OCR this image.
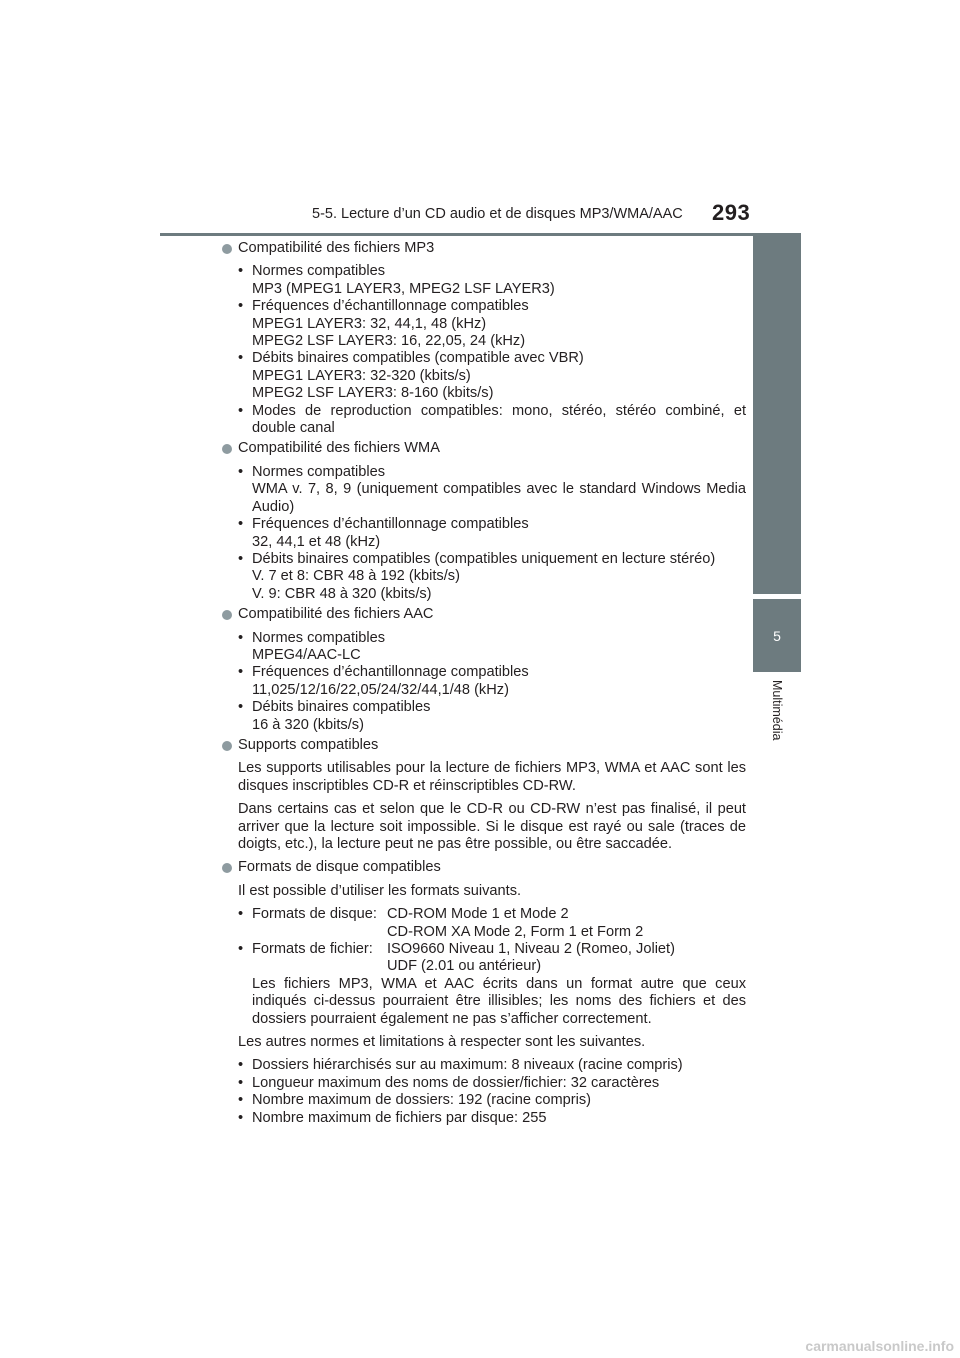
5-5. Lecture d’un CD audio et de disques MP3/WMA/AAC 293
5
Multimédia
Compatibilité des fichiers MP3
• Normes compatibles
MP3 (MPEG1 LAYER3, MPEG2 LSF LAYER3)
• Fréquences d’échantillonnage compatibles
MPEG1 LAYER3: 32, 44,1, 48 (kHz)
MPEG2 LSF LAYER3: 16, 22,05, 24 (kHz)
• Débits binaires compatibles (compatible avec VBR)
MPEG1 LAYER3: 32-320 (kbits/s)
MPEG2 LSF LAYER3: 8-160 (kbits/s)
• Modes de reproduction compatibles: mono, stéréo, stéréo combiné, et double canal
Compatibilité des fichiers WMA
• Normes compatibles
WMA v. 7, 8, 9 (uniquement compatibles avec le standard Windows Media Audio)
• Fréquences d’échantillonnage compatibles
32, 44,1 et 48 (kHz)
• Débits binaires compatibles (compatibles uniquement en lecture stéréo)
V. 7 et 8: CBR 48 à 192 (kbits/s)
V. 9: CBR 48 à 320 (kbits/s)
Compatibilité des fichiers AAC
• Normes compatibles
MPEG4/AAC-LC
• Fréquences d’échantillonnage compatibles
11,025/12/16/22,05/24/32/44,1/48 (kHz)
• Débits binaires compatibles
16 à 320 (kbits/s)
Supports compatibles

Les supports utilisables pour la lecture de fichiers MP3, WMA et AAC sont les disques inscriptibles CD-R et réinscriptibles CD-RW.

Dans certains cas et selon que le CD-R ou CD-RW n’est pas finalisé, il peut arriver que la lecture soit impossible. Si le disque est rayé ou sale (traces de doigts, etc.), la lecture peut ne pas être possible, ou être saccadée.

Formats de disque compatibles

Il est possible d’utiliser les formats suivants.

• Formats de disque: CD-ROM Mode 1 et Mode 2
CD-ROM XA Mode 2, Form 1 et Form 2
• Formats de fichier: ISO9660 Niveau 1, Niveau 2 (Romeo, Joliet)
UDF (2.01 ou antérieur)
Les fichiers MP3, WMA et AAC écrits dans un format autre que ceux indiqués ci-dessus pourraient être illisibles; les noms des fichiers et des dossiers pourraient également ne pas s’afficher correctement.

Les autres normes et limitations à respecter sont les suivantes.

• Dossiers hiérarchisés sur au maximum: 8 niveaux (racine compris)
• Longueur maximum des noms de dossier/fichier: 32 caractères
• Nombre maximum de dossiers: 192 (racine compris)
• Nombre maximum de fichiers par disque: 255
carmanualsonline.info
